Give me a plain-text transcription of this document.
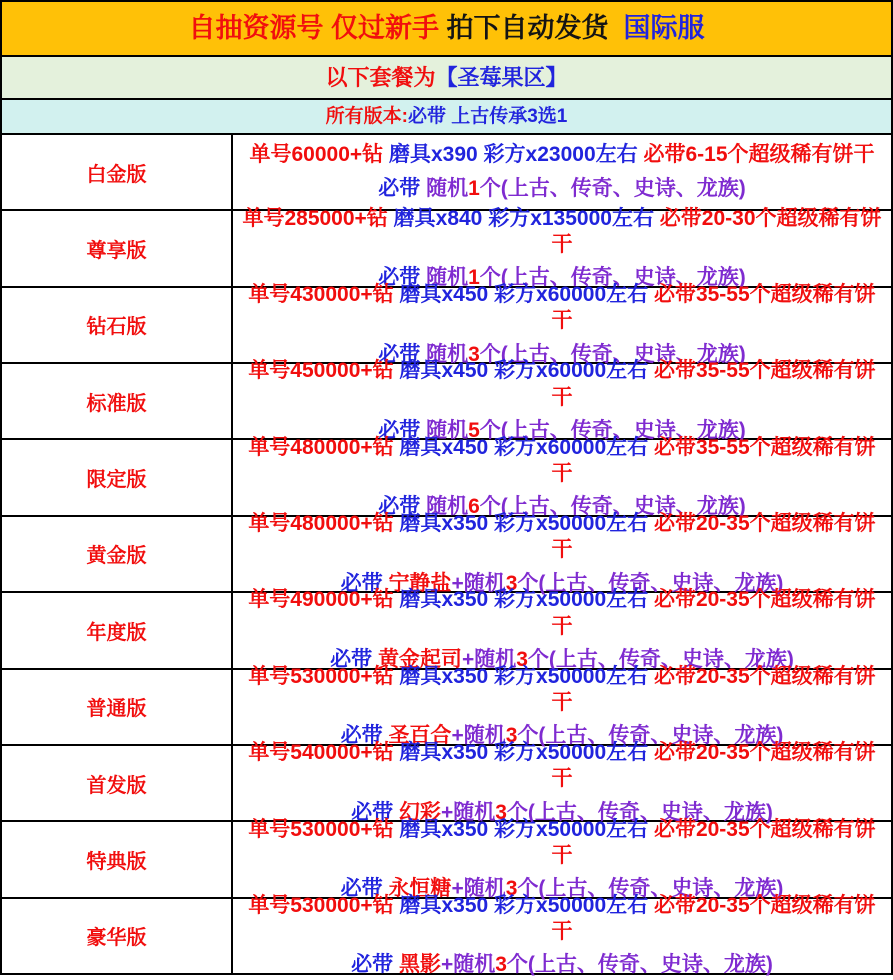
自抽资源号 仅过新手 拍下自动发货  国际服
以下套餐为【圣莓果区】
所有版本:必带 上古传承3选1
白金版
单号60000+钻 磨具x390 彩方x23000左右 必带6-15个超级稀有饼干
必带 随机1个(上古、传奇、史诗、龙族)
尊享版
单号285000+钻 磨具x840 彩方x135000左右 必带20-30个超级稀有饼干
必带 随机1个(上古、传奇、史诗、龙族)
钻石版
单号430000+钻 磨具x450 彩方x60000左右 必带35-55个超级稀有饼干
必带 随机3个(上古、传奇、史诗、龙族)
标准版
单号450000+钻 磨具x450 彩方x60000左右 必带35-55个超级稀有饼干
必带 随机5个(上古、传奇、史诗、龙族)
限定版
单号480000+钻 磨具x450 彩方x60000左右 必带35-55个超级稀有饼干
必带 随机6个(上古、传奇、史诗、龙族)
黄金版
单号480000+钻 磨具x350 彩方x50000左右 必带20-35个超级稀有饼干
必带 宁静盐+随机3个(上古、传奇、史诗、龙族)
年度版
单号490000+钻 磨具x350 彩方x50000左右 必带20-35个超级稀有饼干
必带 黄金起司+随机3个(上古、传奇、史诗、龙族)
普通版
单号530000+钻 磨具x350 彩方x50000左右 必带20-35个超级稀有饼干
必带 圣百合+随机3个(上古、传奇、史诗、龙族)
首发版
单号540000+钻 磨具x350 彩方x50000左右 必带20-35个超级稀有饼干
必带 幻彩+随机3个(上古、传奇、史诗、龙族)
特典版
单号530000+钻 磨具x350 彩方x50000左右 必带20-35个超级稀有饼干
必带 永恒糖+随机3个(上古、传奇、史诗、龙族)
豪华版
单号530000+钻 磨具x350 彩方x50000左右 必带20-35个超级稀有饼干
必带 黑影+随机3个(上古、传奇、史诗、龙族)
